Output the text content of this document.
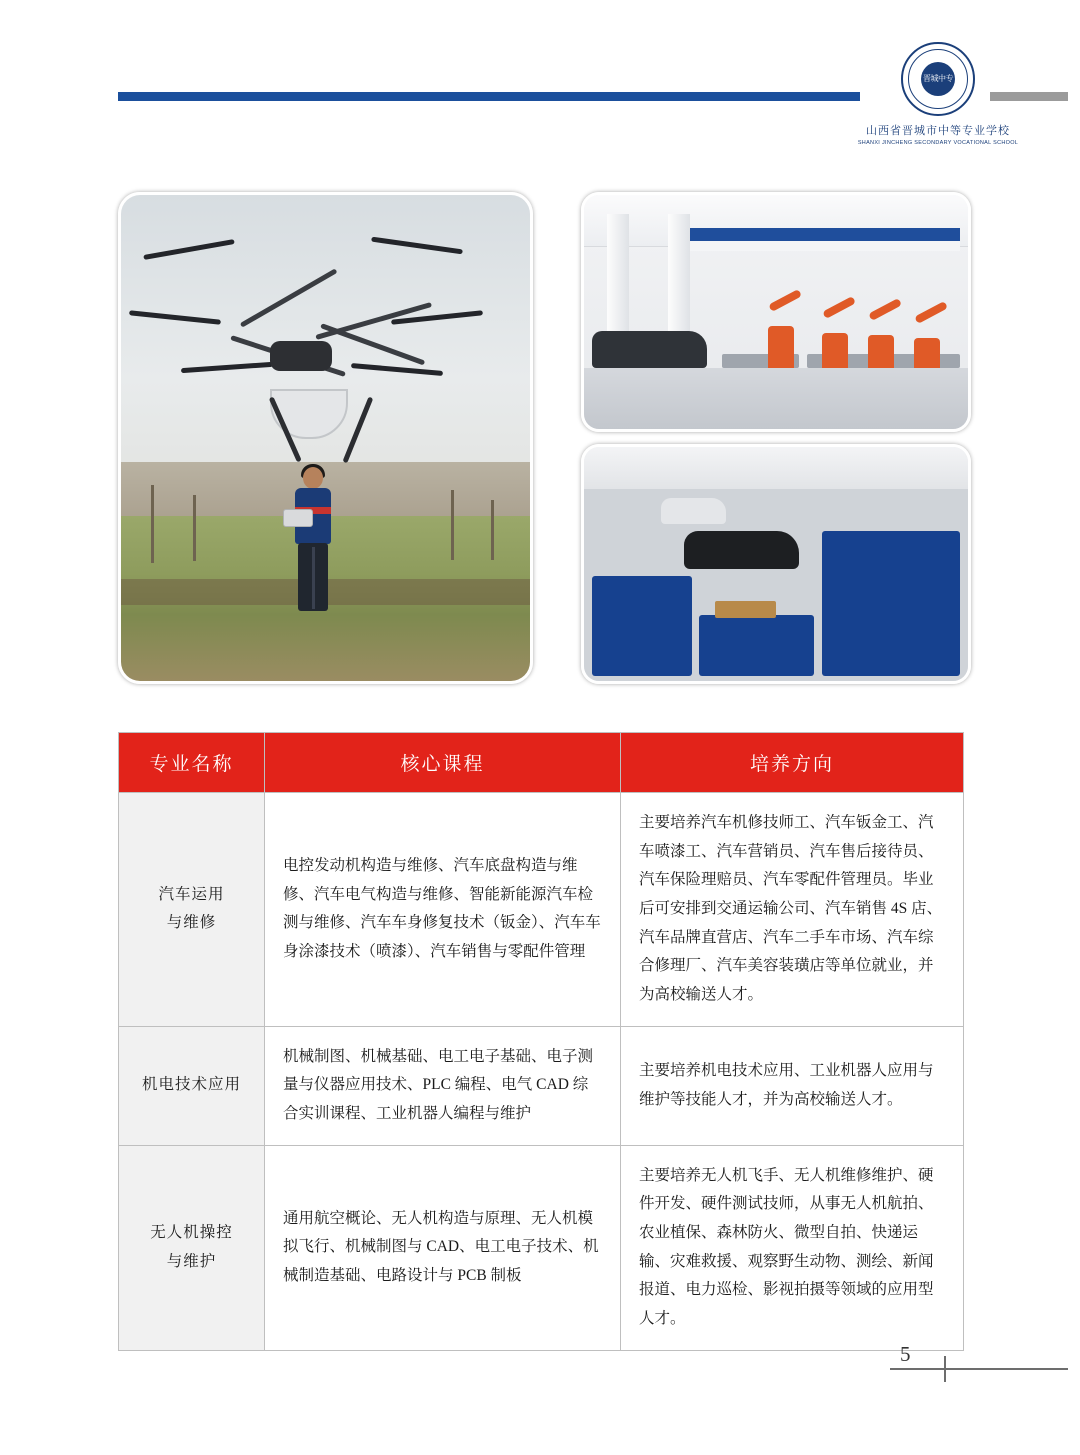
晋城中专
山西省晋城市中等专业学校
SHANXI JINCHENG SECONDARY VOCATIONAL SCHOOL
专业名称	核心课程	培养方向
汽车运用
与维修	电控发动机构造与维修、汽车底盘构造与维修、汽车电气构造与维修、智能新能源汽车检测与维修、汽车车身修复技术（钣金）、汽车车身涂漆技术（喷漆）、汽车销售与零配件管理	主要培养汽车机修技师工、汽车钣金工、汽车喷漆工、汽车营销员、汽车售后接待员、汽车保险理赔员、汽车零配件管理员。毕业后可安排到交通运输公司、汽车销售 4S 店、汽车品牌直营店、汽车二手车市场、汽车综合修理厂、汽车美容装璜店等单位就业，并为高校输送人才。
机电技术应用	机械制图、机械基础、电工电子基础、电子测量与仪器应用技术、PLC 编程、电气 CAD 综合实训课程、工业机器人编程与维护	主要培养机电技术应用、工业机器人应用与维护等技能人才，并为高校输送人才。
无人机操控
与维护	通用航空概论、无人机构造与原理、无人机模拟飞行、机械制图与 CAD、电工电子技术、机械制造基础、电路设计与 PCB 制板	主要培养无人机飞手、无人机维修维护、硬件开发、硬件测试技师，从事无人机航拍、农业植保、森林防火、微型自拍、快递运输、灾难救援、观察野生动物、测绘、新闻报道、电力巡检、影视拍摄等领域的应用型人才。
5
